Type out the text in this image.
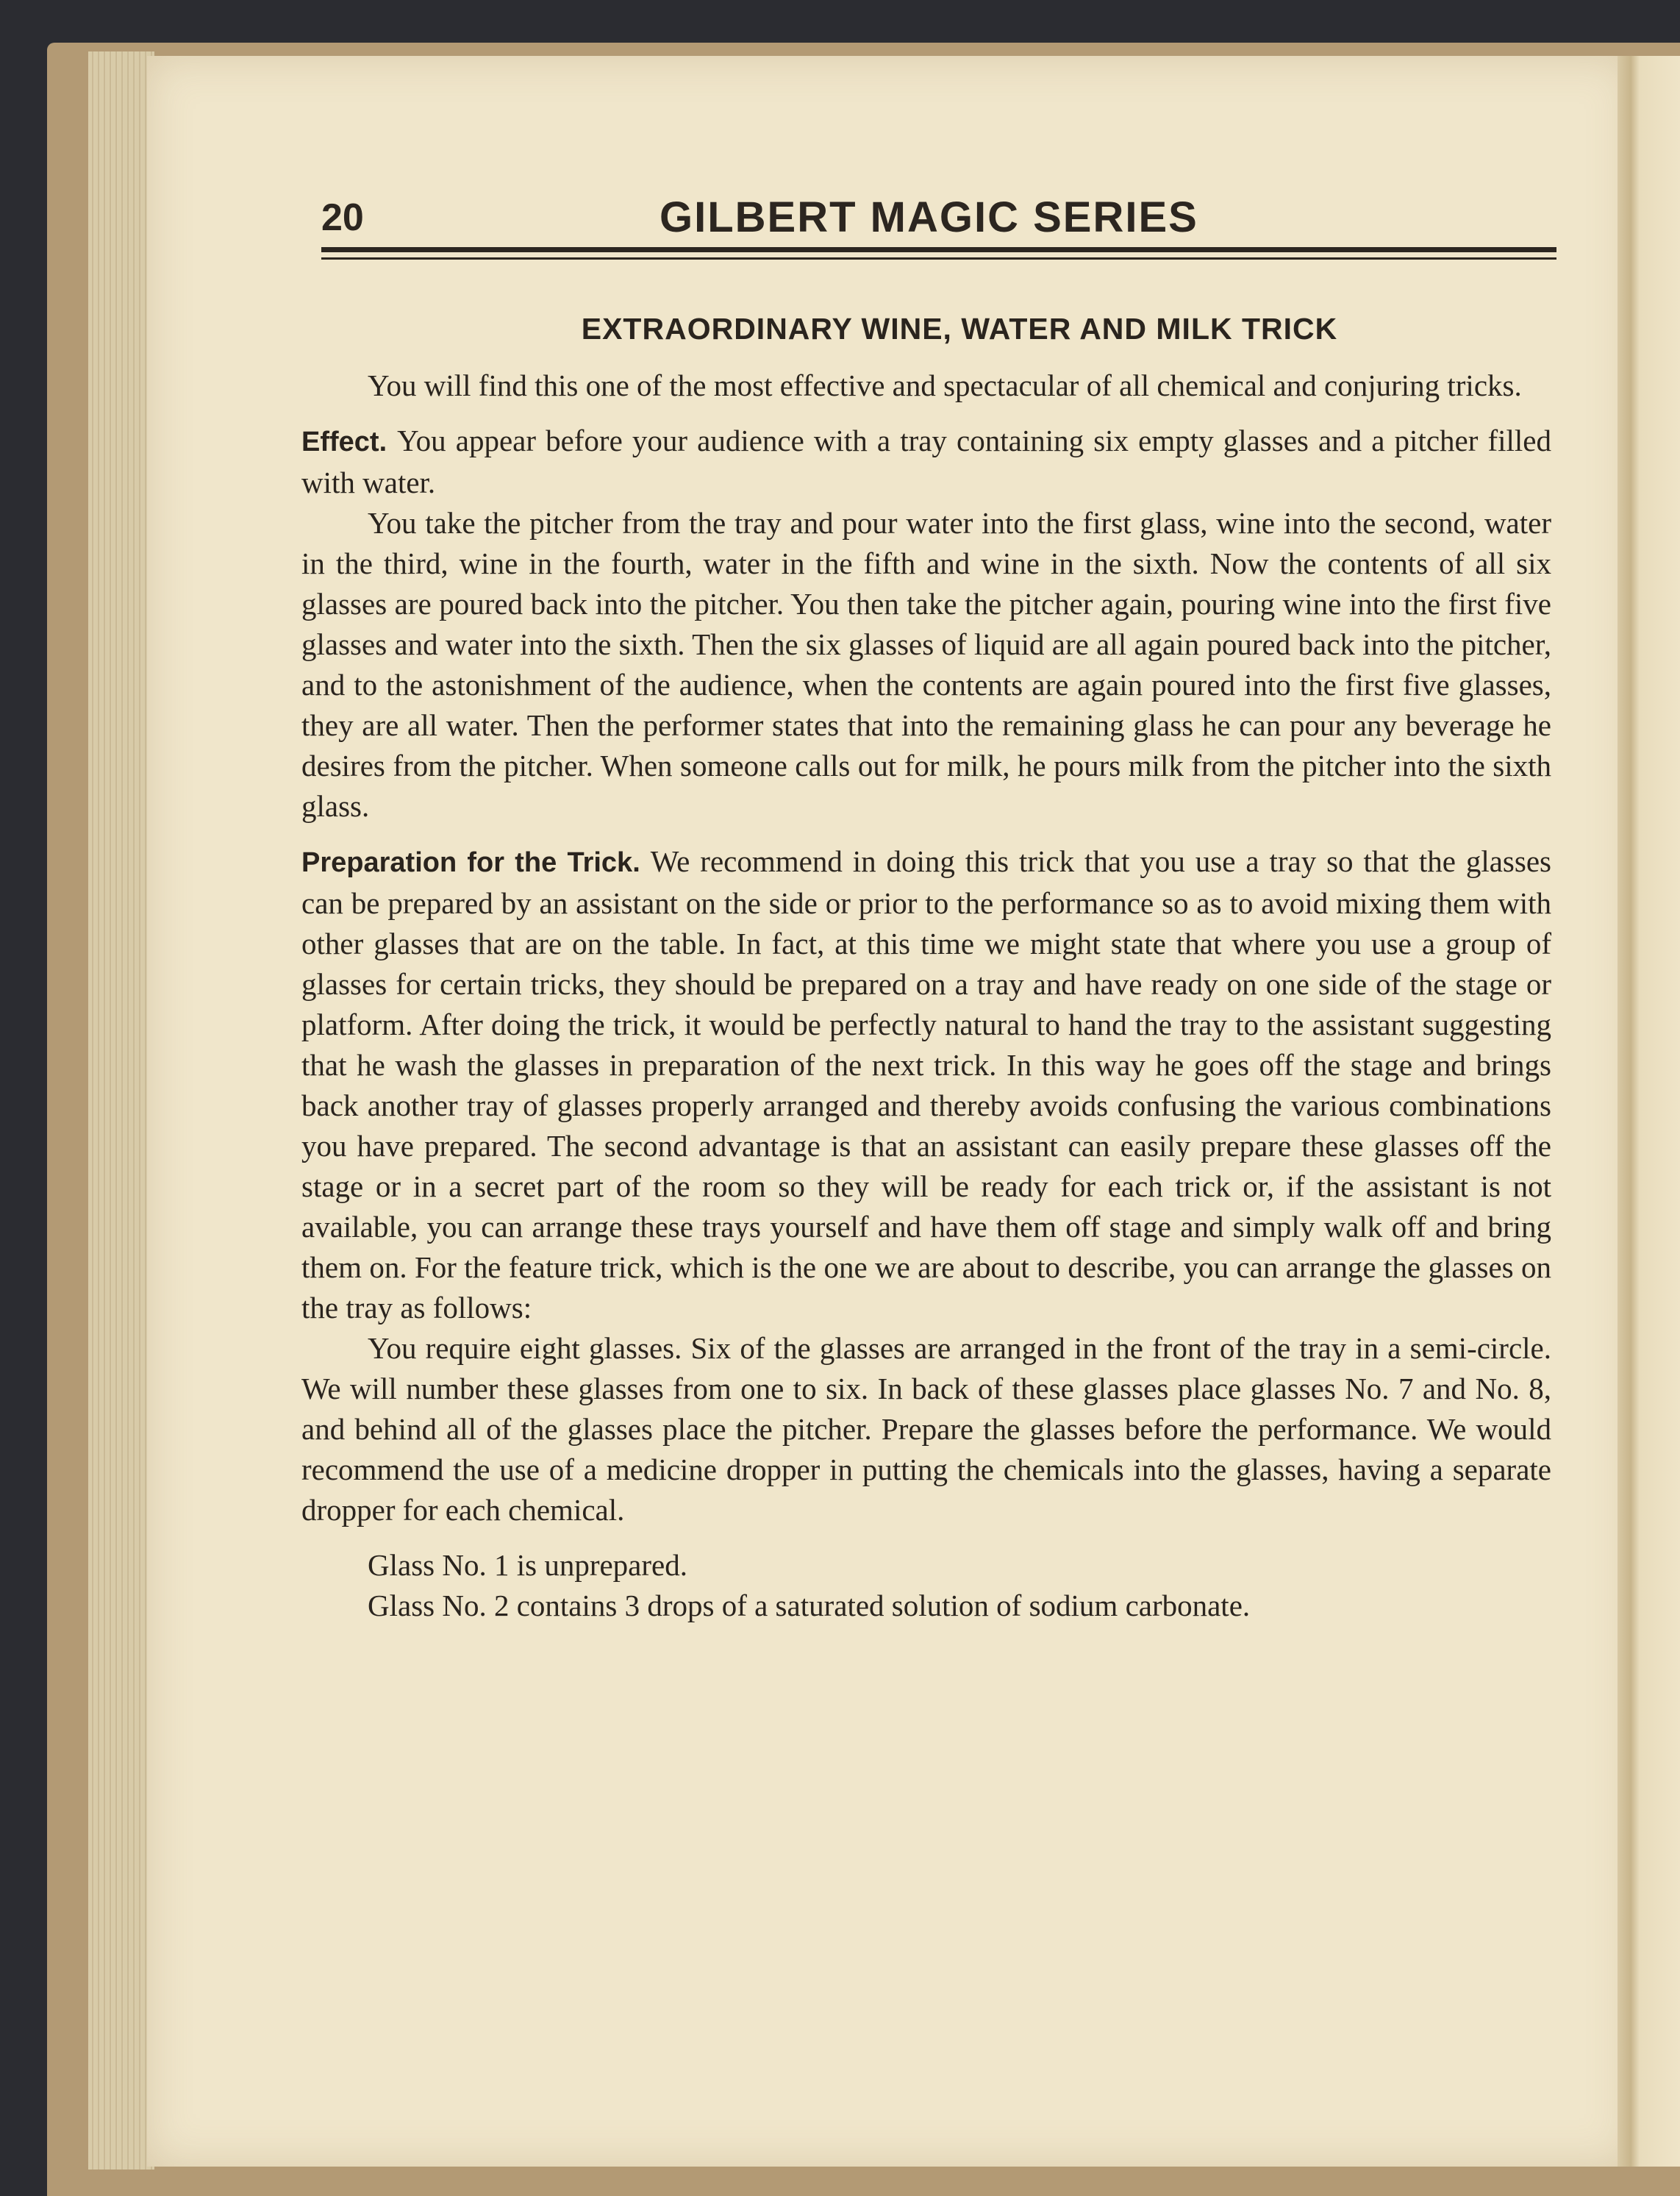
20	GILBERT MAGIC SERIES
EXTRAORDINARY WINE, WATER AND MILK TRICK

You will find this one of the most effective and spectacular of all chemical and conjuring tricks.

Effect. You appear before your audience with a tray containing six empty glasses and a pitcher filled with water.

You take the pitcher from the tray and pour water into the first glass, wine into the second, water in the third, wine in the fourth, water in the fifth and wine in the sixth. Now the contents of all six glasses are poured back into the pitcher. You then take the pitcher again, pouring wine into the first five glasses and water into the sixth. Then the six glasses of liquid are all again poured back into the pitcher, and to the astonishment of the audience, when the contents are again poured into the first five glasses, they are all water. Then the performer states that into the remaining glass he can pour any beverage he desires from the pitcher. When someone calls out for milk, he pours milk from the pitcher into the sixth glass.

Preparation for the Trick. We recommend in doing this trick that you use a tray so that the glasses can be prepared by an assistant on the side or prior to the performance so as to avoid mixing them with other glasses that are on the table. In fact, at this time we might state that where you use a group of glasses for certain tricks, they should be prepared on a tray and have ready on one side of the stage or platform. After doing the trick, it would be perfectly natural to hand the tray to the assistant suggesting that he wash the glasses in preparation of the next trick. In this way he goes off the stage and brings back another tray of glasses properly arranged and thereby avoids confusing the various combinations you have prepared. The second advantage is that an assistant can easily prepare these glasses off the stage or in a secret part of the room so they will be ready for each trick or, if the assistant is not available, you can arrange these trays yourself and have them off stage and simply walk off and bring them on. For the feature trick, which is the one we are about to describe, you can arrange the glasses on the tray as follows:

You require eight glasses. Six of the glasses are arranged in the front of the tray in a semi-circle. We will number these glasses from one to six. In back of these glasses place glasses No. 7 and No. 8, and behind all of the glasses place the pitcher. Prepare the glasses before the performance. We would recommend the use of a medicine dropper in putting the chemicals into the glasses, having a separate dropper for each chemical.

Glass No. 1 is unprepared.

Glass No. 2 contains 3 drops of a saturated solution of sodium carbonate.
